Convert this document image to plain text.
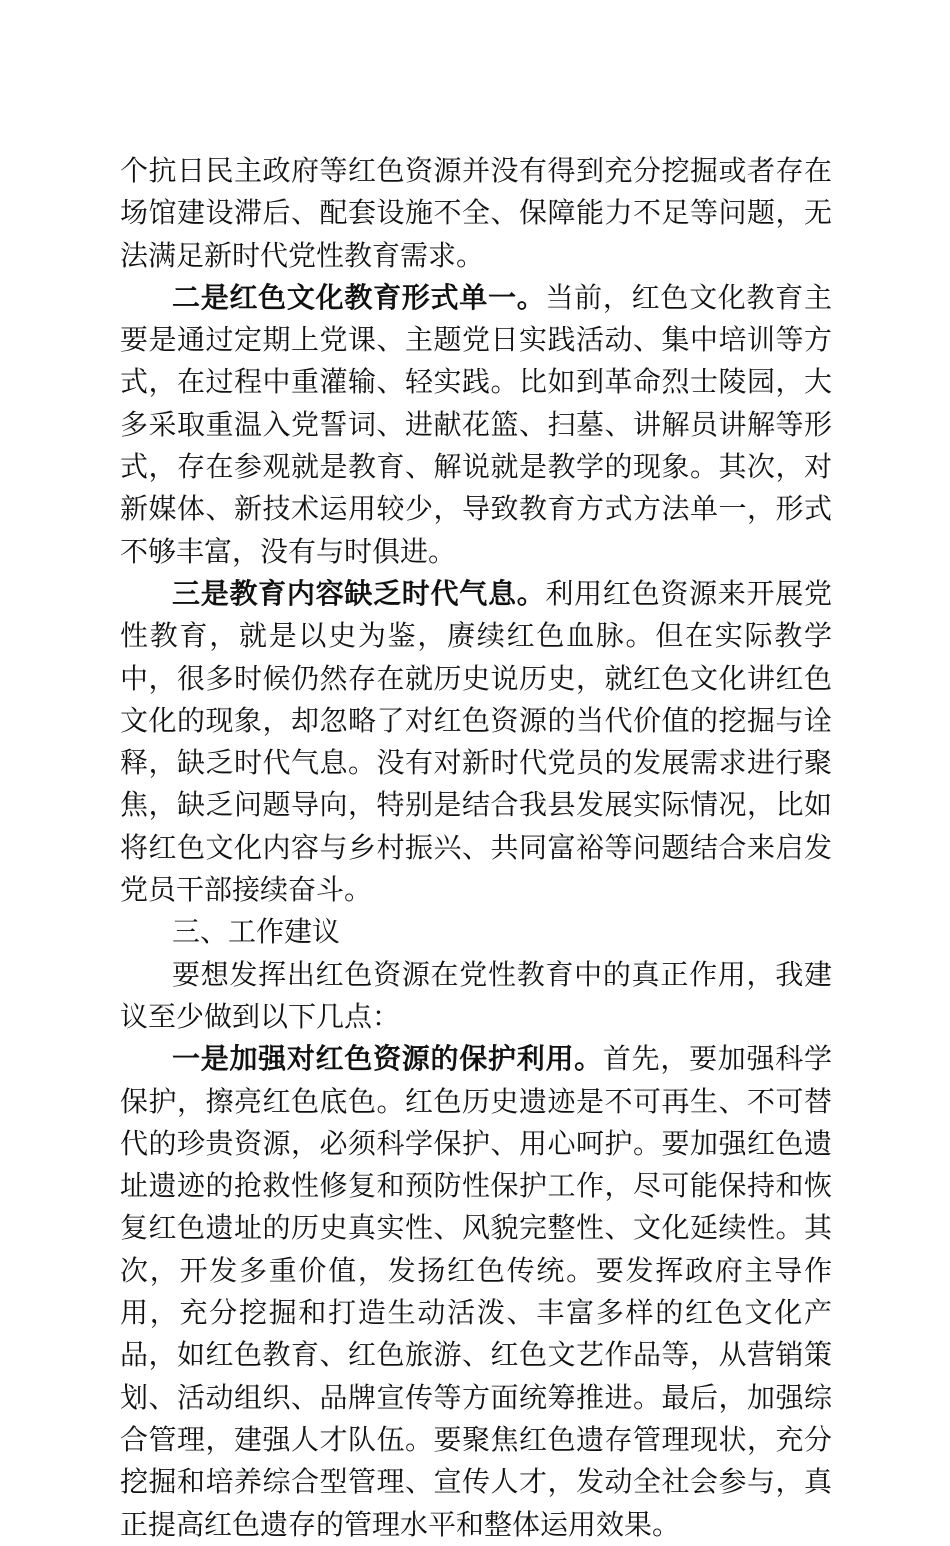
个抗日民主政府等红色资源并没有得到充分挖掘或者存在场馆建设滞后、配套设施不全、保障能力不足等问题，无法满足新时代党性教育需求。

二是红色文化教育形式单一。当前，红色文化教育主要是通过定期上党课、主题党日实践活动、集中培训等方式，在过程中重灌输、轻实践。比如到革命烈士陵园，大多采取重温入党誓词、进献花篮、扫墓、讲解员讲解等形式，存在参观就是教育、解说就是教学的现象。其次，对新媒体、新技术运用较少，导致教育方式方法单一，形式不够丰富，没有与时俱进。

三是教育内容缺乏时代气息。利用红色资源来开展党性教育，就是以史为鉴，赓续红色血脉。但在实际教学中，很多时候仍然存在就历史说历史，就红色文化讲红色文化的现象，却忽略了对红色资源的当代价值的挖掘与诠释，缺乏时代气息。没有对新时代党员的发展需求进行聚焦，缺乏问题导向，特别是结合我县发展实际情况，比如将红色文化内容与乡村振兴、共同富裕等问题结合来启发党员干部接续奋斗。

三、工作建议

要想发挥出红色资源在党性教育中的真正作用，我建议至少做到以下几点：

一是加强对红色资源的保护利用。首先，要加强科学保护，擦亮红色底色。红色历史遗迹是不可再生、不可替代的珍贵资源，必须科学保护、用心呵护。要加强红色遗址遗迹的抢救性修复和预防性保护工作，尽可能保持和恢复红色遗址的历史真实性、风貌完整性、文化延续性。其次，开发多重价值，发扬红色传统。要发挥政府主导作用，充分挖掘和打造生动活泼、丰富多样的红色文化产品，如红色教育、红色旅游、红色文艺作品等，从营销策划、活动组织、品牌宣传等方面统筹推进。最后，加强综合管理，建强人才队伍。要聚焦红色遗存管理现状，充分挖掘和培养综合型管理、宣传人才，发动全社会参与，真正提高红色遗存的管理水平和整体运用效果。
